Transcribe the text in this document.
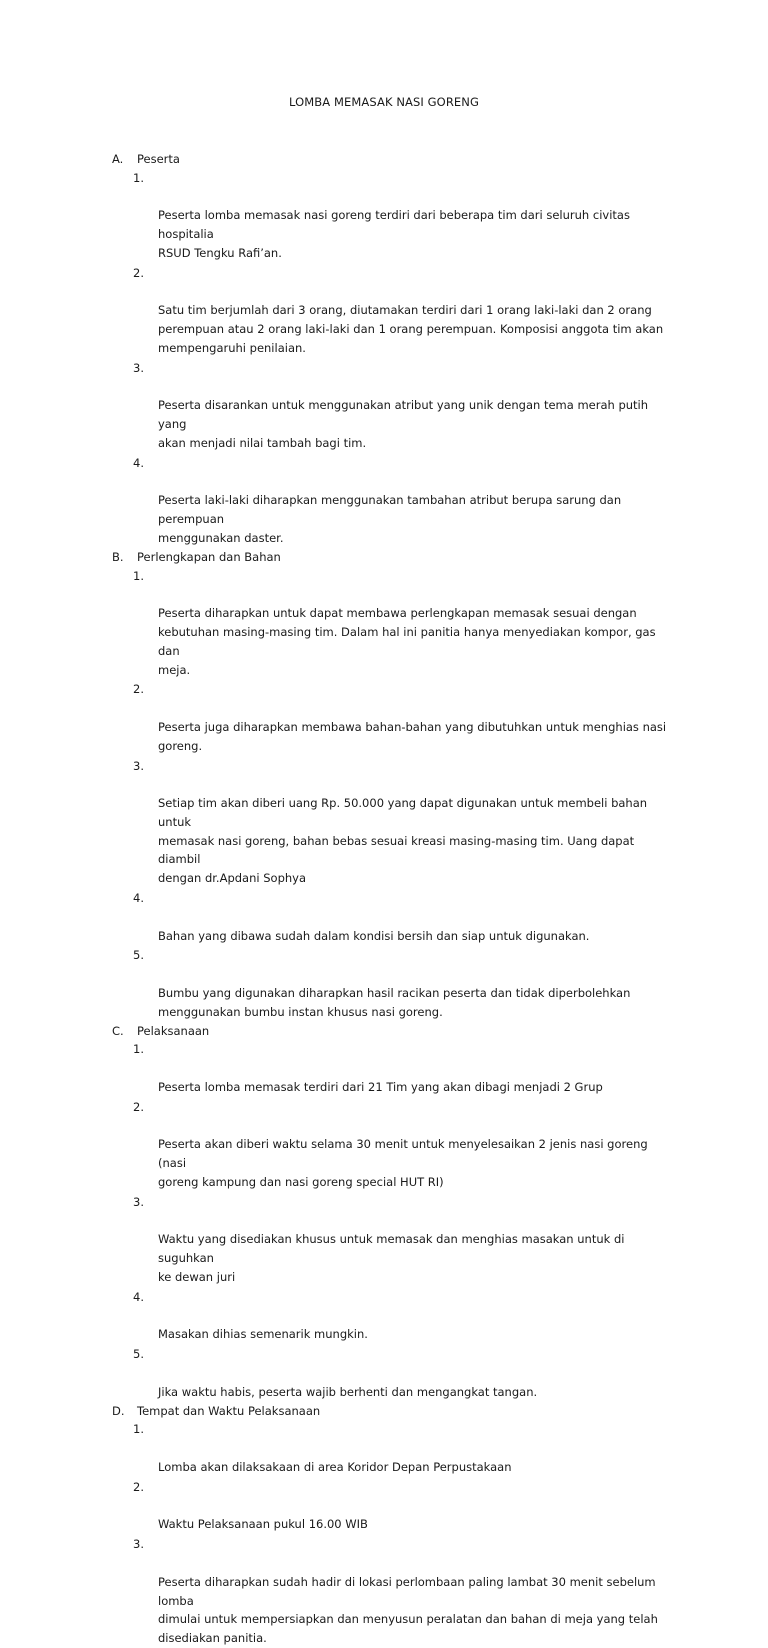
LOMBA MEMASAK NASI GORENG
A. Peserta

1.

Peserta lomba memasak nasi goreng terdiri dari beberapa tim dari seluruh civitas hospitalia
RSUD Tengku Rafi’an.

2.

Satu tim berjumlah dari 3 orang, diutamakan terdiri dari 1 orang laki-laki dan 2 orang
perempuan atau 2 orang laki-laki dan 1 orang perempuan. Komposisi anggota tim akan
mempengaruhi penilaian.

3.

Peserta disarankan untuk menggunakan atribut yang unik dengan tema merah putih yang
akan menjadi nilai tambah bagi tim.

4.

Peserta laki-laki diharapkan menggunakan tambahan atribut berupa sarung dan perempuan
menggunakan daster.

B. Perlengkapan dan Bahan

1.

Peserta diharapkan untuk dapat membawa perlengkapan memasak sesuai dengan
kebutuhan masing-masing tim. Dalam hal ini panitia hanya menyediakan kompor, gas dan
meja.

2.

Peserta juga diharapkan membawa bahan-bahan yang dibutuhkan untuk menghias nasi
goreng.

3.

Setiap tim akan diberi uang Rp. 50.000 yang dapat digunakan untuk membeli bahan untuk
memasak nasi goreng, bahan bebas sesuai kreasi masing-masing tim. Uang dapat diambil
dengan dr.Apdani Sophya

4.

Bahan yang dibawa sudah dalam kondisi bersih dan siap untuk digunakan.

5.

Bumbu yang digunakan diharapkan hasil racikan peserta dan tidak diperbolehkan
menggunakan bumbu instan khusus nasi goreng.

C. Pelaksanaan

1.

Peserta lomba memasak terdiri dari 21 Tim yang akan dibagi menjadi 2 Grup

2.

Peserta akan diberi waktu selama 30 menit untuk menyelesaikan 2 jenis nasi goreng (nasi
goreng kampung dan nasi goreng special HUT RI)

3.

Waktu yang disediakan khusus untuk memasak dan menghias masakan untuk di suguhkan
ke dewan juri

4.

Masakan dihias semenarik mungkin.

5.

Jika waktu habis, peserta wajib berhenti dan mengangkat tangan.

D. Tempat dan Waktu Pelaksanaan

1.

Lomba akan dilaksakaan di area Koridor Depan Perpustakaan

2.

Waktu Pelaksanaan pukul 16.00 WIB

3.

Peserta diharapkan sudah hadir di lokasi perlombaan paling lambat 30 menit sebelum lomba
dimulai untuk mempersiapkan dan menyusun peralatan dan bahan di meja yang telah
disediakan panitia.
